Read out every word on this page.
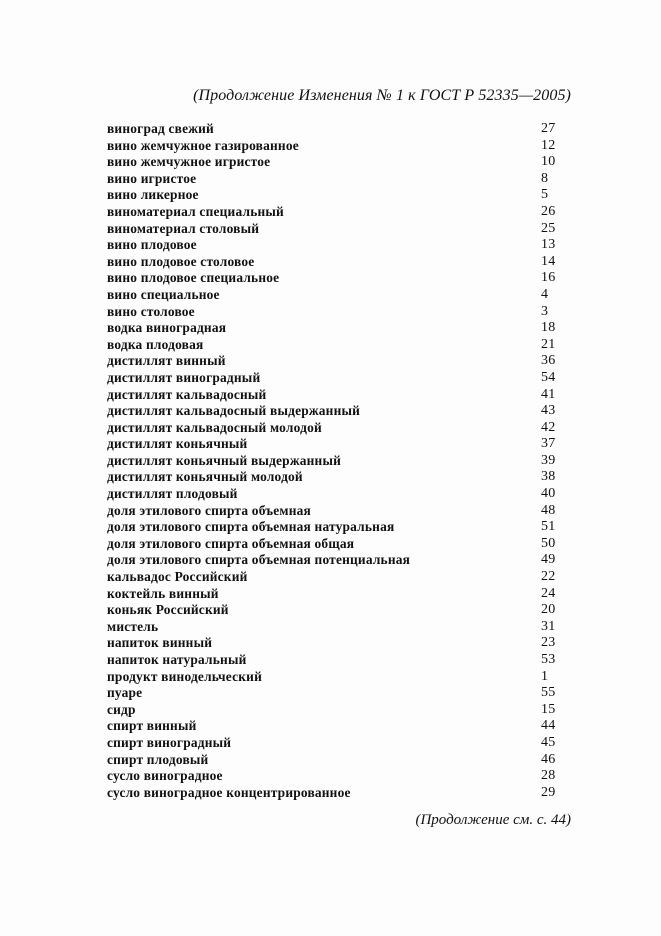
(Продолжение Изменения № 1 к ГОСТ Р 52335—2005)
виноград свежий	27
вино жемчужное газированное	12
вино жемчужное игристое	10
вино игристое	8
вино ликерное	5
виноматериал специальный	26
виноматериал столовый	25
вино плодовое	13
вино плодовое столовое	14
вино плодовое специальное	16
вино специальное	4
вино столовое	3
водка виноградная	18
водка плодовая	21
дистиллят винный	36
дистиллят виноградный	54
дистиллят кальвадосный	41
дистиллят кальвадосный выдержанный	43
дистиллят кальвадосный молодой	42
дистиллят коньячный	37
дистиллят коньячный выдержанный	39
дистиллят коньячный молодой	38
дистиллят плодовый	40
доля этилового спирта объемная	48
доля этилового спирта объемная натуральная	51
доля этилового спирта объемная общая	50
доля этилового спирта объемная потенциальная	49
кальвадос Российский	22
коктейль винный	24
коньяк Российский	20
мистель	31
напиток винный	23
напиток натуральный	53
продукт винодельческий	1
пуаре	55
сидр	15
спирт винный	44
спирт виноградный	45
спирт плодовый	46
сусло виноградное	28
сусло виноградное концентрированное	29
(Продолжение см. с. 44)
